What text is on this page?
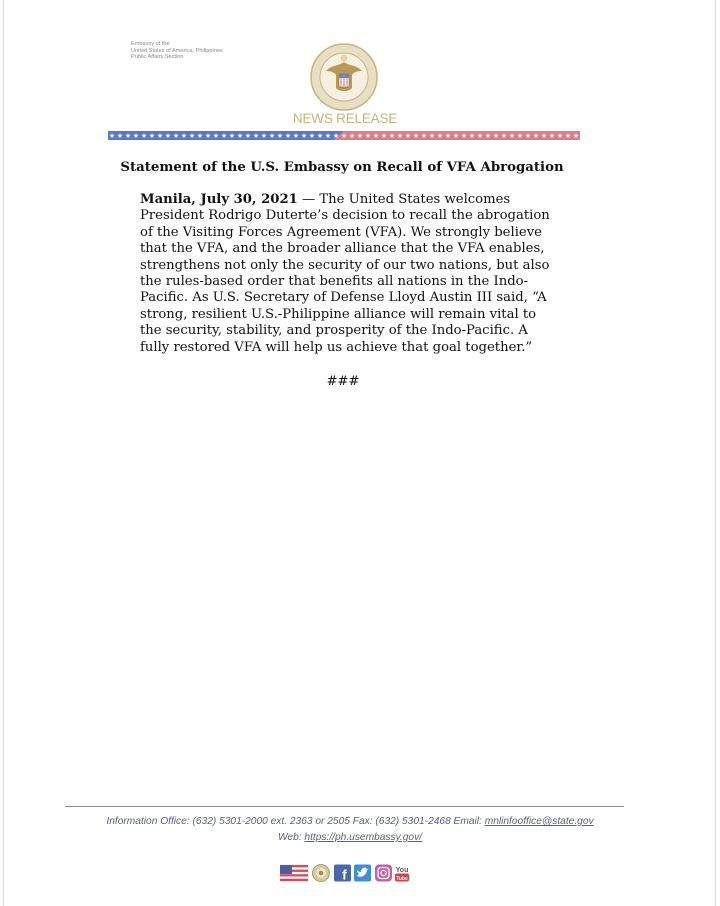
Embassy of the
United States of America, Philippines
Public Affairs Section
NEWS RELEASE
★ ★ ★ ★ ★ ★ ★ ★ ★ ★ ★ ★ ★ ★ ★ ★ ★ ★ ★ ★ ★ ★ ★ ★ ★ ★ ★ ★ ★ ★ ★ ★ ★ ★ ★ ★ ★ ★ ★ ★ ★ ★ ★ ★ ★ ★ ★ ★ ★ ★ ★ ★ ★ ★ ★ ★ ★ ★ ★
Statement of the U.S. Embassy on Recall of VFA Abrogation
Manila, July 30, 2021 — The United States welcomes President Rodrigo Duterte’s decision to recall the abrogation of the Visiting Forces Agreement (VFA). We strongly believe that the VFA, and the broader alliance that the VFA enables, strengthens not only the security of our two nations, but also the rules-based order that benefits all nations in the Indo-Pacific. As U.S. Secretary of Defense Lloyd Austin III said, “A strong, resilient U.S.-Philippine alliance will remain vital to the security, stability, and prosperity of the Indo-Pacific. A fully restored VFA will help us achieve that goal together.”
###
Information Office: (632) 5301-2000 ext. 2363 or 2505 Fax: (632) 5301-2468 Email: mnlinfooffice@state.gov
Web: https://ph.usembassy.gov/
f	You
Tube
